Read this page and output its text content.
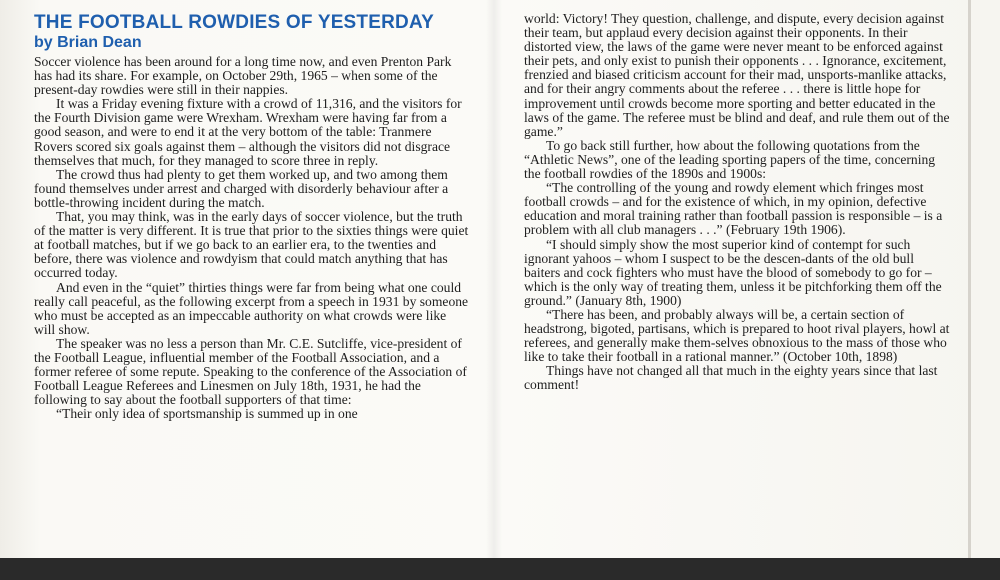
THE FOOTBALL ROWDIES OF YESTERDAY
by Brian Dean

Soccer violence has been around for a long time now, and even Prenton Park has had its share. For example, on October 29th, 1965 – when some of the present-day rowdies were still in their nappies.

It was a Friday evening fixture with a crowd of 11,316, and the visitors for the Fourth Division game were Wrexham. Wrexham were having far from a good season, and were to end it at the very bottom of the table: Tranmere Rovers scored six goals against them – although the visitors did not disgrace themselves that much, for they managed to score three in reply.

The crowd thus had plenty to get them worked up, and two among them found themselves under arrest and charged with disorderly behaviour after a bottle-throwing incident during the match.

That, you may think, was in the early days of soccer violence, but the truth of the matter is very different. It is true that prior to the sixties things were quiet at football matches, but if we go back to an earlier era, to the twenties and before, there was violence and rowdyism that could match anything that has occurred today.

And even in the “quiet” thirties things were far from being what one could really call peaceful, as the following excerpt from a speech in 1931 by someone who must be accepted as an impeccable authority on what crowds were like will show.

The speaker was no less a person than Mr. C.E. Sutcliffe, vice-president of the Football League, influential member of the Football Association, and a former referee of some repute. Speaking to the conference of the Association of Football League Referees and Linesmen on July 18th, 1931, he had the following to say about the football supporters of that time:

“Their only idea of sportsmanship is summed up in one

world: Victory! They question, challenge, and dispute, every decision against their team, but applaud every decision against their opponents. In their distorted view, the laws of the game were never meant to be enforced against their pets, and only exist to punish their opponents . . . Ignorance, excitement, frenzied and biased criticism account for their mad, unsports-manlike attacks, and for their angry comments about the referee . . . there is little hope for improvement until crowds become more sporting and better educated in the laws of the game. The referee must be blind and deaf, and rule them out of the game.”

To go back still further, how about the following quotations from the “Athletic News”, one of the leading sporting papers of the time, concerning the football rowdies of the 1890s and 1900s:

“The controlling of the young and rowdy element which fringes most football crowds – and for the existence of which, in my opinion, defective education and moral training rather than football passion is responsible – is a problem with all club managers . . .” (February 19th 1906).

“I should simply show the most superior kind of contempt for such ignorant yahoos – whom I suspect to be the descen-dants of the old bull baiters and cock fighters who must have the blood of somebody to go for – which is the only way of treating them, unless it be pitchforking them off the ground.” (January 8th, 1900)

“There has been, and probably always will be, a certain section of headstrong, bigoted, partisans, which is prepared to hoot rival players, howl at referees, and generally make them-selves obnoxious to the mass of those who like to take their football in a rational manner.” (October 10th, 1898)

Things have not changed all that much in the eighty years since that last comment!
